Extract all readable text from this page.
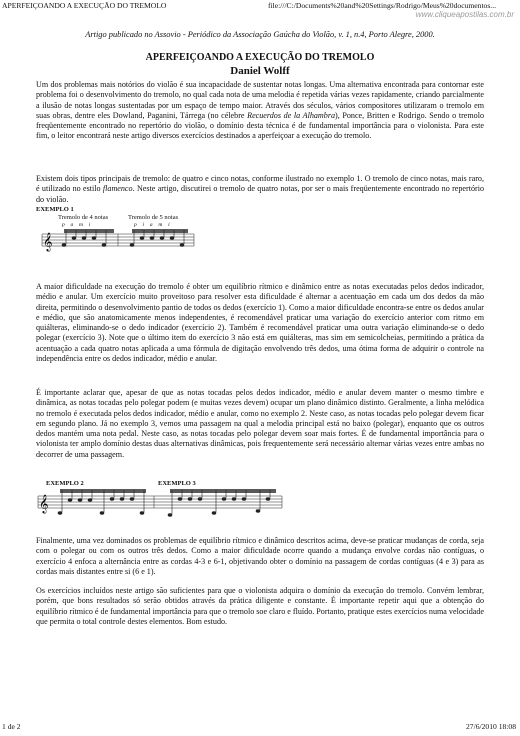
APERFEIÇOANDO A EXECUÇÃO DO TREMOLO	file:///C:/Documents%20and%20Settings/Rodrigo/Meus%20documentos...
www.cliqueapostilas.com.br
Artigo publicado no Assovio - Periódico da Associação Gaúcha do Violão, v. 1, n.4, Porto Alegre, 2000.
APERFEIÇOANDO A EXECUÇÃO DO TREMOLO
Daniel Wolff
Um dos problemas mais notórios do violão é sua incapacidade de sustentar notas longas. Uma alternativa encontrada para contornar este problema foi o desenvolvimento do tremolo, no qual cada nota de uma melodia é repetida várias vezes rapidamente, criando parcialmente a ilusão de notas longas sustentadas por um espaço de tempo maior. Através dos séculos, vários compositores utilizaram o tremolo em suas obras, dentre eles Dowland, Paganini, Tárrega (no célebre Recuerdos de la Alhambra), Ponce, Britten e Rodrigo. Sendo o tremolo freqüentemente encontrado no repertório do violão, o domínio desta técnica é de fundamental importância para o violonista. Para este fim, o leitor encontrará neste artigo diversos exercícios destinados a aperfeiçoar a execução do tremolo.
Existem dois tipos principais de tremolo: de quatro e cinco notas, conforme ilustrado no exemplo 1. O tremolo de cinco notas, mais raro, é utilizado no estilo flamenco. Neste artigo, discutirei o tremolo de quatro notas, por ser o mais freqüentemente encontrado no repertório do violão.
EXEMPLO 1
Tremolo de 4 notas	Tremolo de 5 notas
p a m i	p i a m i
𝄞
A maior dificuldade na execução do tremolo é obter um equilíbrio rítmico e dinâmico entre as notas executadas pelos dedos indicador, médio e anular. Um exercício muito proveitoso para resolver esta dificuldade é alternar a acentuação em cada um dos dedos da mão direita, permitindo o desenvolvimento pantio de todos os dedos (exercício 1). Como a maior dificuldade encontra-se entre os dedos anular e médio, que são anatomicamente menos independentes, é recomendável praticar uma variação do exercício anterior com ritmo em quiálteras, eliminando-se o dedo indicador (exercício 2). Também é recomendável praticar uma outra variação eliminando-se o dedo polegar (exercício 3). Note que o último item do exercício 3 não está em quiálteras, mas sim em semicolcheias, permitindo a prática da acentuação a cada quatro notas aplicada a uma fórmula de digitação envolvendo três dedos, uma ótima forma de adquirir o controle na independência entre os dedos indicador, médio e anular.
É importante aclarar que, apesar de que as notas tocadas pelos dedos indicador, médio e anular devem manter o mesmo timbre e dinâmica, as notas tocadas pelo polegar podem (e muitas vezes devem) ocupar um plano dinâmico distinto. Geralmente, a linha melódica no tremolo é executada pelos dedos indicador, médio e anular, como no exemplo 2. Neste caso, as notas tocadas pelo polegar devem ficar em segundo plano. Já no exemplo 3, vemos uma passagem na qual a melodia principal está no baixo (polegar), enquanto que os outros dedos mantém uma nota pedal. Neste caso, as notas tocadas pelo polegar devem soar mais fortes. É de fundamental importância para o violonista ter amplo domínio destas duas alternativas dinâmicas, pois frequentemente será necessário alternar várias vezes entre ambas no decorrer de uma passagem.
EXEMPLO 2	EXEMPLO 3
𝄞
Finalmente, uma vez dominados os problemas de equilíbrio rítmico e dinâmico descritos acima, deve-se praticar mudanças de corda, seja com o polegar ou com os outros três dedos. Como a maior dificuldade ocorre quando a mudança envolve cordas não contíguas, o exercício 4 enfoca a alternância entre as cordas 4-3 e 6-1, objetivando obter o domínio na passagem de cordas contíguas (4 e 3) para as cordas mais distantes entre si (6 e 1).
Os exercícios incluídos neste artigo são suficientes para que o violonista adquira o domínio da execução do tremolo. Convém lembrar, porém, que bons resultados só serão obtidos através da prática diligente e constante. É importante repetir aqui que a obtenção do equilíbrio rítmico é de fundamental importância para que o tremolo soe claro e fluído. Portanto, pratique estes exercícios numa velocidade que permita o total controle destes elementos. Bom estudo.
1 de 2	27/6/2010 18:08
